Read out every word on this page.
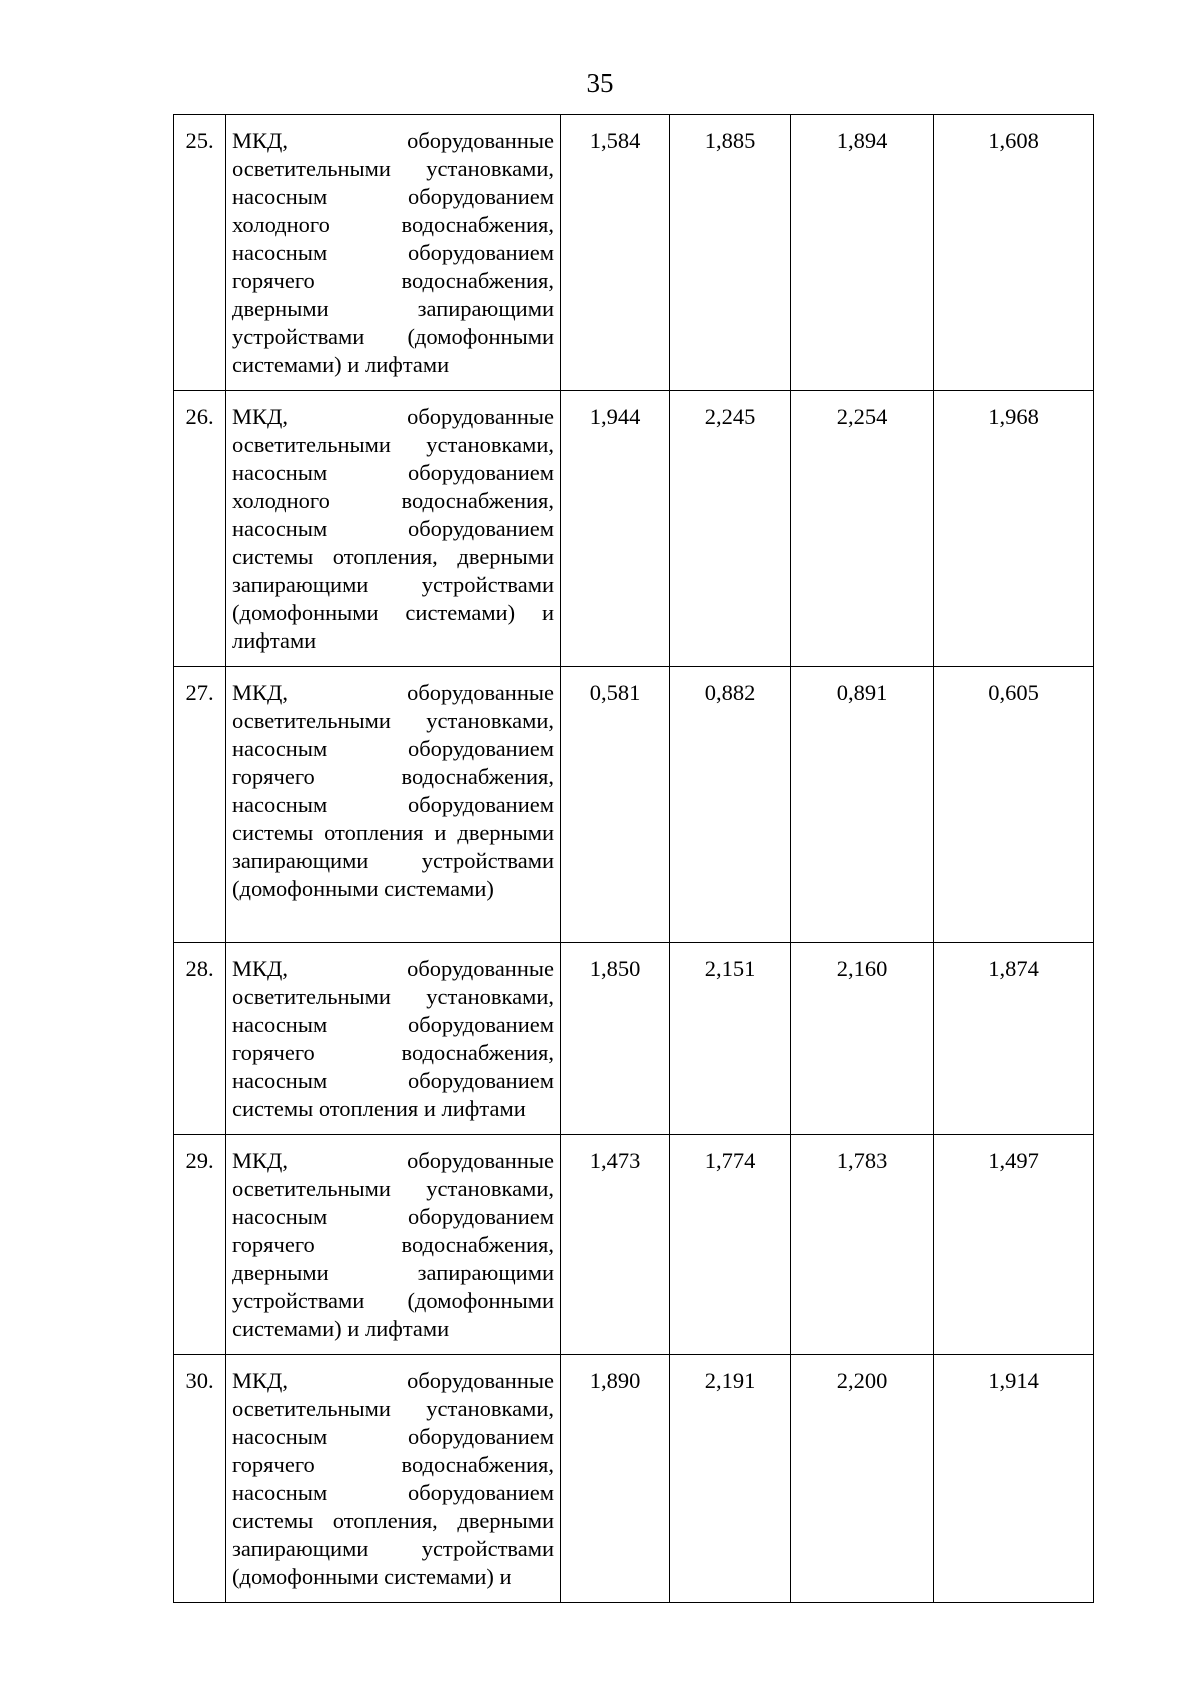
35
25.	МКД, оборудованные осветительными установками, насосным оборудованием холодного водоснабжения, насосным оборудованием горячего водоснабжения, дверными запирающими устройствами (домофонными системами) и лифтами	1,584	1,885	1,894	1,608
26.	МКД, оборудованные осветительными установками, насосным оборудованием холодного водоснабжения, насосным оборудованием системы отопления, дверными запирающими устройствами (домофонными системами) и лифтами	1,944	2,245	2,254	1,968
27.	МКД, оборудованные осветительными установками, насосным оборудованием горячего водоснабжения, насосным оборудованием системы отопления и дверными запирающими устройствами (домофонными системами)	0,581	0,882	0,891	0,605
28.	МКД, оборудованные осветительными установками, насосным оборудованием горячего водоснабжения, насосным оборудованием системы отопления и лифтами	1,850	2,151	2,160	1,874
29.	МКД, оборудованные осветительными установками, насосным оборудованием горячего водоснабжения, дверными запирающими устройствами (домофонными системами) и лифтами	1,473	1,774	1,783	1,497
30.	МКД, оборудованные осветительными установками, насосным оборудованием горячего водоснабжения, насосным оборудованием системы отопления, дверными запирающими устройствами (домофонными системами) и	1,890	2,191	2,200	1,914
